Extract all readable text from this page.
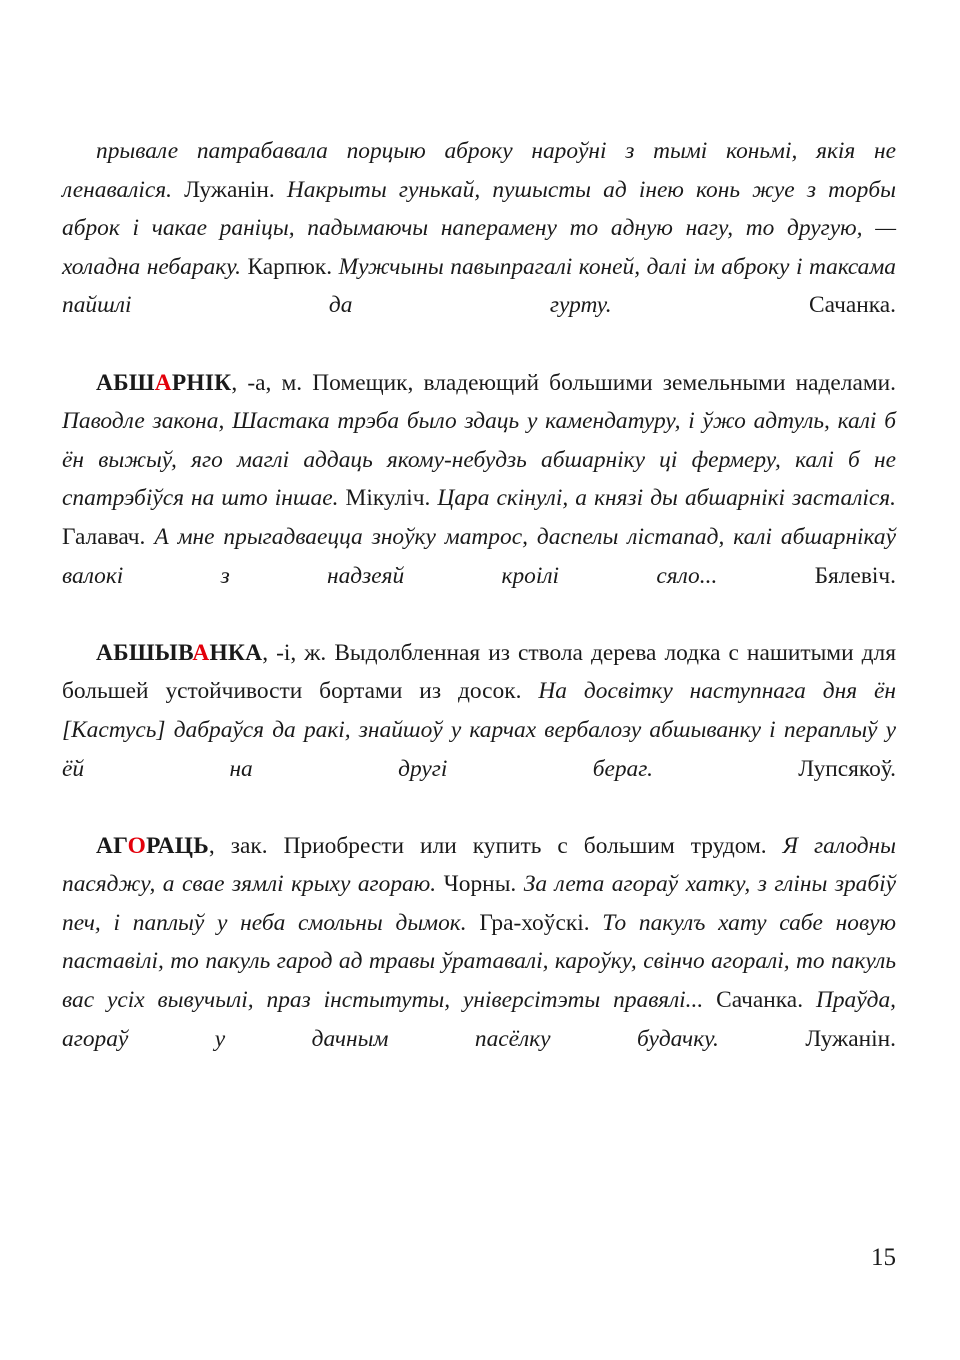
прывале патрабавала порцыю аброку нароўні з тымі коньмі, якія не ленаваліся. Лужанін. Накрыты гунькай, пушысты ад інею конь жуе з торбы аброк і чакае раніцы, падымаючы наперамену то адную нагу, то другую, — холадна небараку. Карпюк. Мужчыны павыпрагалі коней, далі ім аброку і таксама пайшлі да гурту. Сачанка.

АБШАРНІК, -а, м. Помещик, владеющий большими земельными наделами. Паводле закона, Шастака трэба было здаць у камендатуру, і ўжо адтуль, калі б ён выжыў, яго маглі аддаць якому-небудзь абшарніку ці фермеру, калі б не спатрэбіўся на што іншае. Мікуліч. Цара скінулі, а князі ды абшарнікі засталіся. Галавач. А мне прыгадваецца зноўку матрос, даспелы лістапад, калі абшарнікаў валокі з надзеяй кроілі сяло... Бялевіч.

АБШЫВАНКА, -і, ж. Выдолбленная из ствола дерева лодка с нашитыми для большей устойчивости бортами из досок. На досвітку наступнага дня ён [Кастусь] дабраўся да ракі, знайшоў у карчах вербалозу абшыванку і пераплыў у ёй на другі бераг. Лупсякоў.

АГОРАЦЬ, зак. Приобрести или купить с большим трудом. Я галодны пасяджу, а свае зямлі крыху агораю. Чорны. За лета агораў хатку, з гліны зрабіў печ, і паплыў у неба смольны дымок. Гра-хоўскі. То пакулъ хату сабе новую паставілі, то пакуль гарод ад травы ўратавалі, кароўку, свінчо агоралі, то пакуль вас усіх вывучылі, праз інстытуты, універсітэты правялі... Сачанка. Праўда, агораў у дачным пасёлку будачку. Лужанін.

15
